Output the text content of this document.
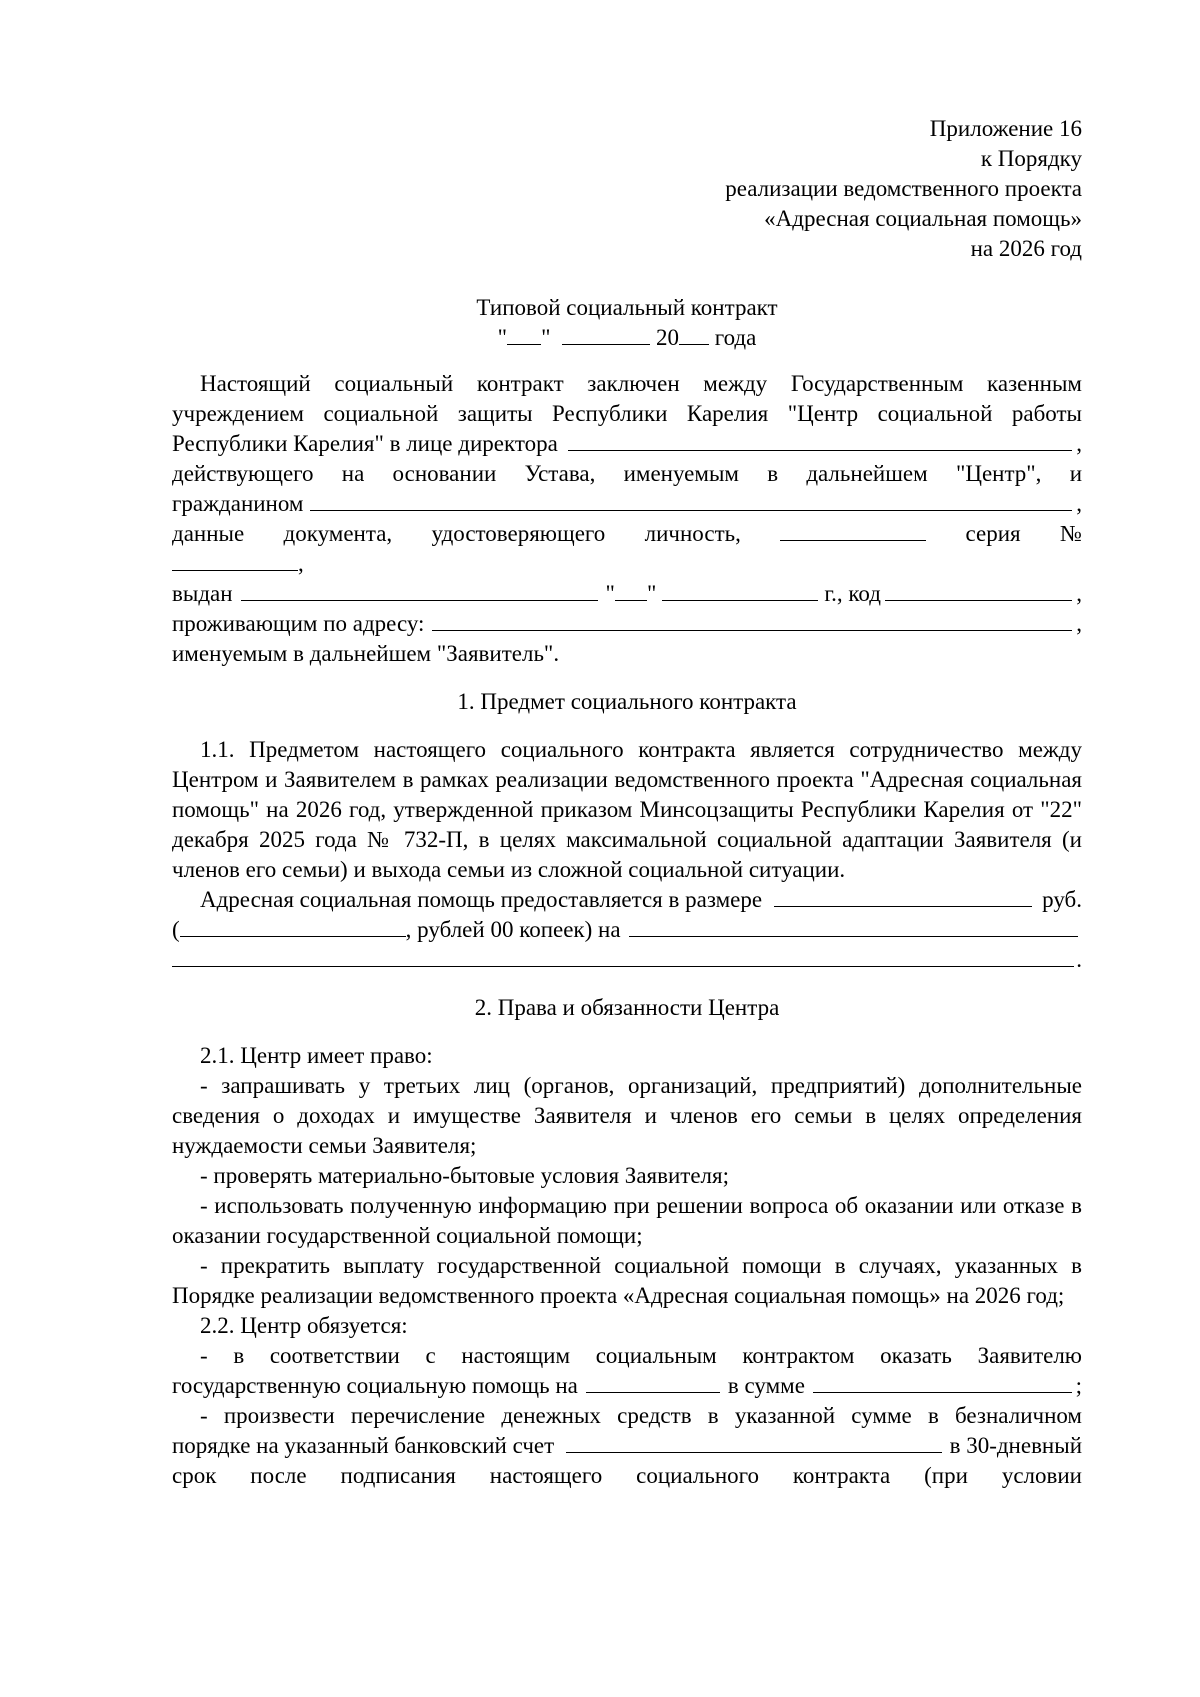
Приложение 16
к Порядку
реализации ведомственного проекта
«Адресная социальная помощь»
на 2026 год
Типовой социальный контракт
" "	20 года
Настоящий социальный контракт заключен между Государственным казенным
учреждением социальной защиты Республики Карелия "Центр социальной работы
Республики Карелия" в лице директора	,
действующего на основании Устава, именуемым в дальнейшем "Центр", и
гражданином	,
данные документа, удостоверяющего личность,	серия №
,
выдан	" "	г., код	,
проживающим по адресу:	,
именуемым в дальнейшем "Заявитель".
1. Предмет социального контракта
1.1. Предметом настоящего социального контракта является сотрудничество между Центром и Заявителем в рамках реализации ведомственного проекта "Адресная социальная помощь" на 2026 год, утвержденной приказом Минсоцзащиты Республики Карелия от "22" декабря 2025 года № 732-П, в целях максимальной социальной адаптации Заявителя (и членов его семьи) и выхода семьи из сложной социальной ситуации.
Адресная социальная помощь предоставляется в размере	руб.
(	, рублей 00 копеек) на
.
2. Права и обязанности Центра
2.1. Центр имеет право:
- запрашивать у третьих лиц (органов, организаций, предприятий) дополнительные сведения о доходах и имуществе Заявителя и членов его семьи в целях определения нуждаемости семьи Заявителя;
- проверять материально-бытовые условия Заявителя;
- использовать полученную информацию при решении вопроса об оказании или отказе в оказании государственной социальной помощи;
- прекратить выплату государственной социальной помощи в случаях, указанных в Порядке реализации ведомственного проекта «Адресная социальная помощь» на 2026 год;
2.2. Центр обязуется:
- в соответствии с настоящим социальным контрактом оказать Заявителю
государственную социальную помощь на	в сумме	;
- произвести перечисление денежных средств в указанной сумме в безналичном
порядке на указанный банковский счет	в 30-дневный
срок после подписания настоящего социального контракта (при условии
